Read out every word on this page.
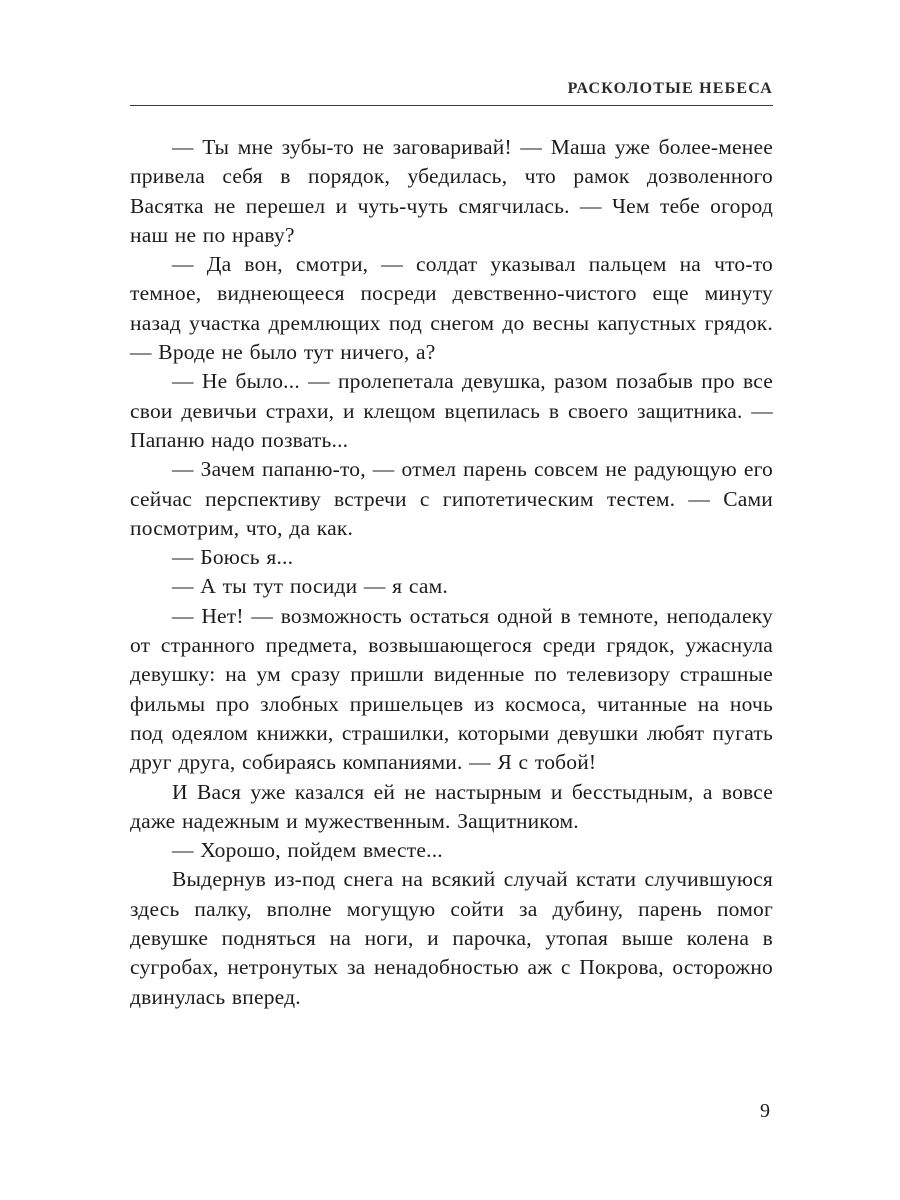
РАСКОЛОТЫЕ НЕБЕСА

— Ты мне зубы-то не заговаривай! — Маша уже более-менее привела себя в порядок, убедилась, что рамок дозволенного Васятка не перешел и чуть-чуть смягчилась. — Чем тебе огород наш не по нраву?

— Да вон, смотри, — солдат указывал пальцем на что-то темное, виднеющееся посреди девственно-чистого еще минуту назад участка дремлющих под снегом до весны капустных грядок. — Вроде не было тут ничего, а?

— Не было... — пролепетала девушка, разом позабыв про все свои девичьи страхи, и клещом вцепилась в своего защитника. — Папаню надо позвать...

— Зачем папаню-то, — отмел парень совсем не радующую его сейчас перспективу встречи с гипотетическим тестем. — Сами посмотрим, что, да как.

— Боюсь я...

— А ты тут посиди — я сам.

— Нет! — возможность остаться одной в темноте, неподалеку от странного предмета, возвышающегося среди грядок, ужаснула девушку: на ум сразу пришли виденные по телевизору страшные фильмы про злобных пришельцев из космоса, читанные на ночь под одеялом книжки, страшилки, которыми девушки любят пугать друг друга, собираясь компаниями. — Я с тобой!

И Вася уже казался ей не настырным и бесстыдным, а вовсе даже надежным и мужественным. Защитником.

— Хорошо, пойдем вместе...

Выдернув из-под снега на всякий случай кстати случившуюся здесь палку, вполне могущую сойти за дубину, парень помог девушке подняться на ноги, и парочка, утопая выше колена в сугробах, нетронутых за ненадобностью аж с Покрова, осторожно двинулась вперед.

9
